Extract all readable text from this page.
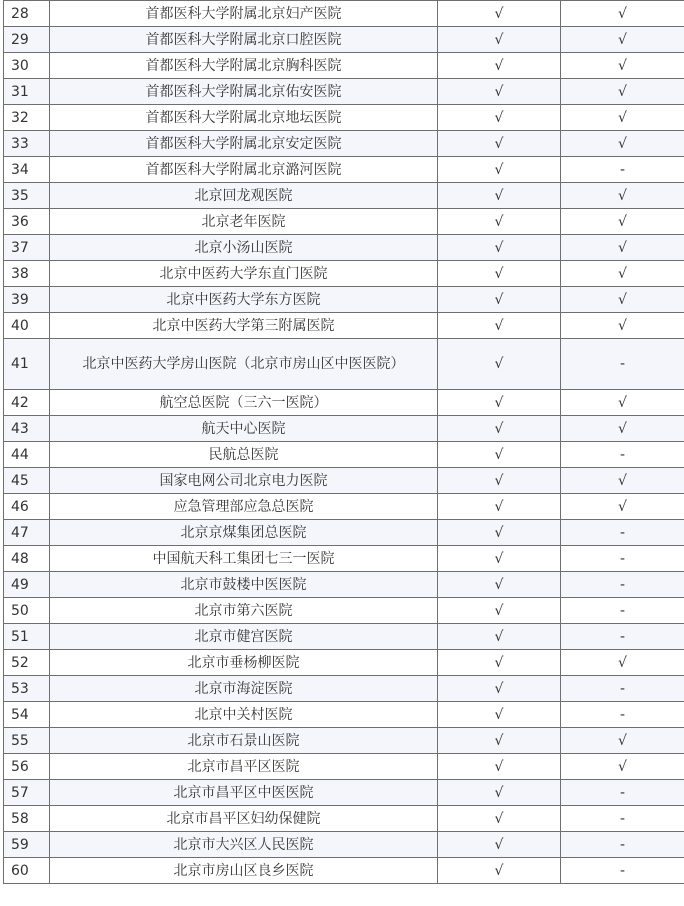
28	首都医科大学附属北京妇产医院	√	√
29	首都医科大学附属北京口腔医院	√	√
30	首都医科大学附属北京胸科医院	√	√
31	首都医科大学附属北京佑安医院	√	√
32	首都医科大学附属北京地坛医院	√	√
33	首都医科大学附属北京安定医院	√	√
34	首都医科大学附属北京潞河医院	√	-
35	北京回龙观医院	√	√
36	北京老年医院	√	√
37	北京小汤山医院	√	√
38	北京中医药大学东直门医院	√	√
39	北京中医药大学东方医院	√	√
40	北京中医药大学第三附属医院	√	√
41	北京中医药大学房山医院（北京市房山区中医医院）	√	-
42	航空总医院（三六一医院）	√	√
43	航天中心医院	√	√
44	民航总医院	√	-
45	国家电网公司北京电力医院	√	√
46	应急管理部应急总医院	√	√
47	北京京煤集团总医院	√	-
48	中国航天科工集团七三一医院	√	-
49	北京市鼓楼中医医院	√	-
50	北京市第六医院	√	-
51	北京市健宫医院	√	-
52	北京市垂杨柳医院	√	√
53	北京市海淀医院	√	-
54	北京中关村医院	√	-
55	北京市石景山医院	√	√
56	北京市昌平区医院	√	√
57	北京市昌平区中医医院	√	-
58	北京市昌平区妇幼保健院	√	-
59	北京市大兴区人民医院	√	-
60	北京市房山区良乡医院	√	-
